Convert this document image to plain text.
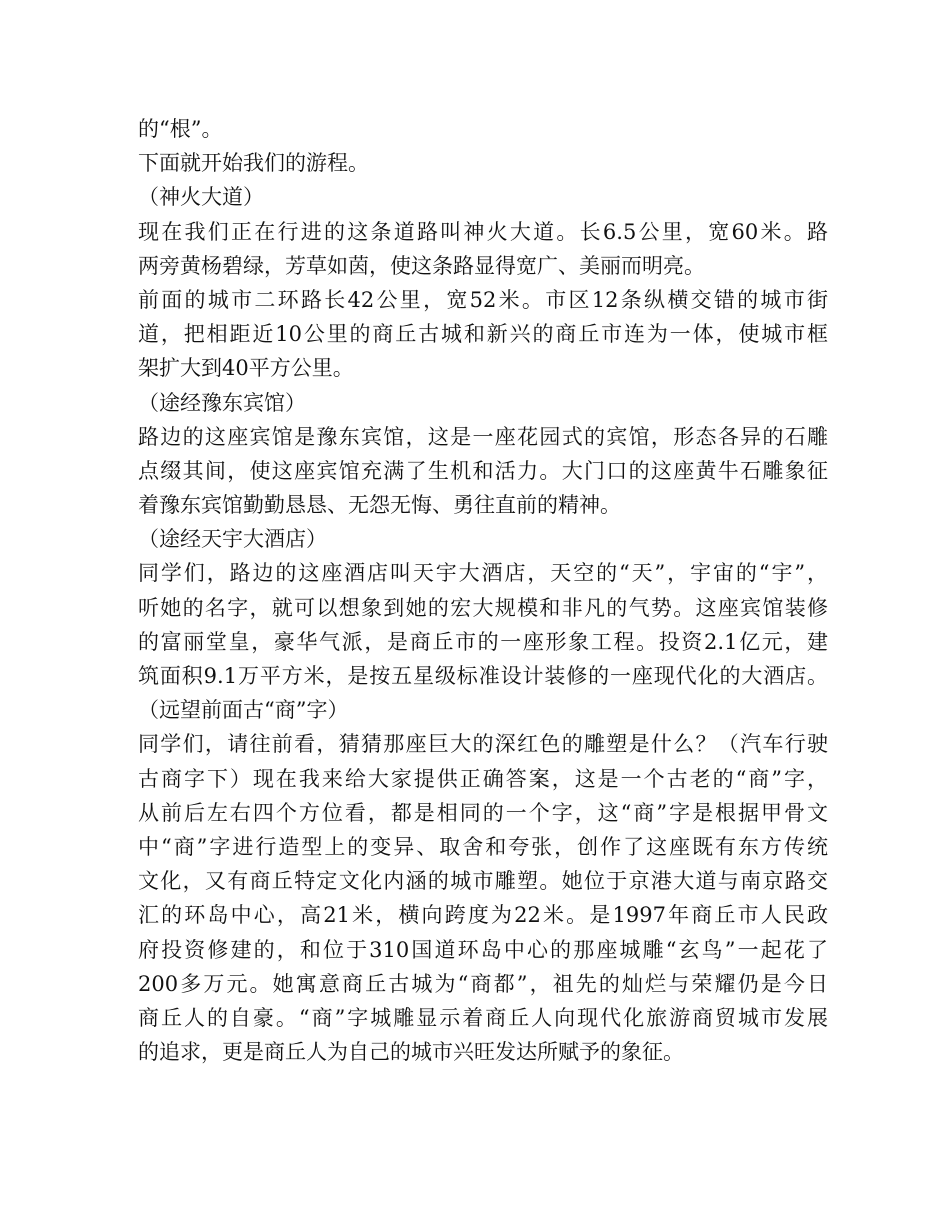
的“根”。
下面就开始我们的游程。
（神火大道）
现在我们正在行进的这条道路叫神火大道。长6.5公里，宽60米。路
两旁黄杨碧绿，芳草如茵，使这条路显得宽广、美丽而明亮。
前面的城市二环路长42公里，宽52米。市区12条纵横交错的城市街
道，把相距近10公里的商丘古城和新兴的商丘市连为一体，使城市框
架扩大到40平方公里。
（途经豫东宾馆）
路边的这座宾馆是豫东宾馆，这是一座花园式的宾馆，形态各异的石雕
点缀其间，使这座宾馆充满了生机和活力。大门口的这座黄牛石雕象征
着豫东宾馆勤勤恳恳、无怨无悔、勇往直前的精神。
（途经天宇大酒店）
同学们，路边的这座酒店叫天宇大酒店，天空的“天”，宇宙的“宇”，
听她的名字，就可以想象到她的宏大规模和非凡的气势。这座宾馆装修
的富丽堂皇，豪华气派，是商丘市的一座形象工程。投资2.1亿元，建
筑面积9.1万平方米，是按五星级标准设计装修的一座现代化的大酒店。
（远望前面古“商”字）
同学们，请往前看，猜猜那座巨大的深红色的雕塑是什么？（汽车行驶
古商字下）现在我来给大家提供正确答案，这是一个古老的“商”字，
从前后左右四个方位看，都是相同的一个字，这“商”字是根据甲骨文
中“商”字进行造型上的变异、取舍和夸张，创作了这座既有东方传统
文化，又有商丘特定文化内涵的城市雕塑。她位于京港大道与南京路交
汇的环岛中心，高21米，横向跨度为22米。是1997年商丘市人民政
府投资修建的，和位于310国道环岛中心的那座城雕“玄鸟”一起花了
200多万元。她寓意商丘古城为“商都”，祖先的灿烂与荣耀仍是今日
商丘人的自豪。“商”字城雕显示着商丘人向现代化旅游商贸城市发展
的追求，更是商丘人为自己的城市兴旺发达所赋予的象征。
